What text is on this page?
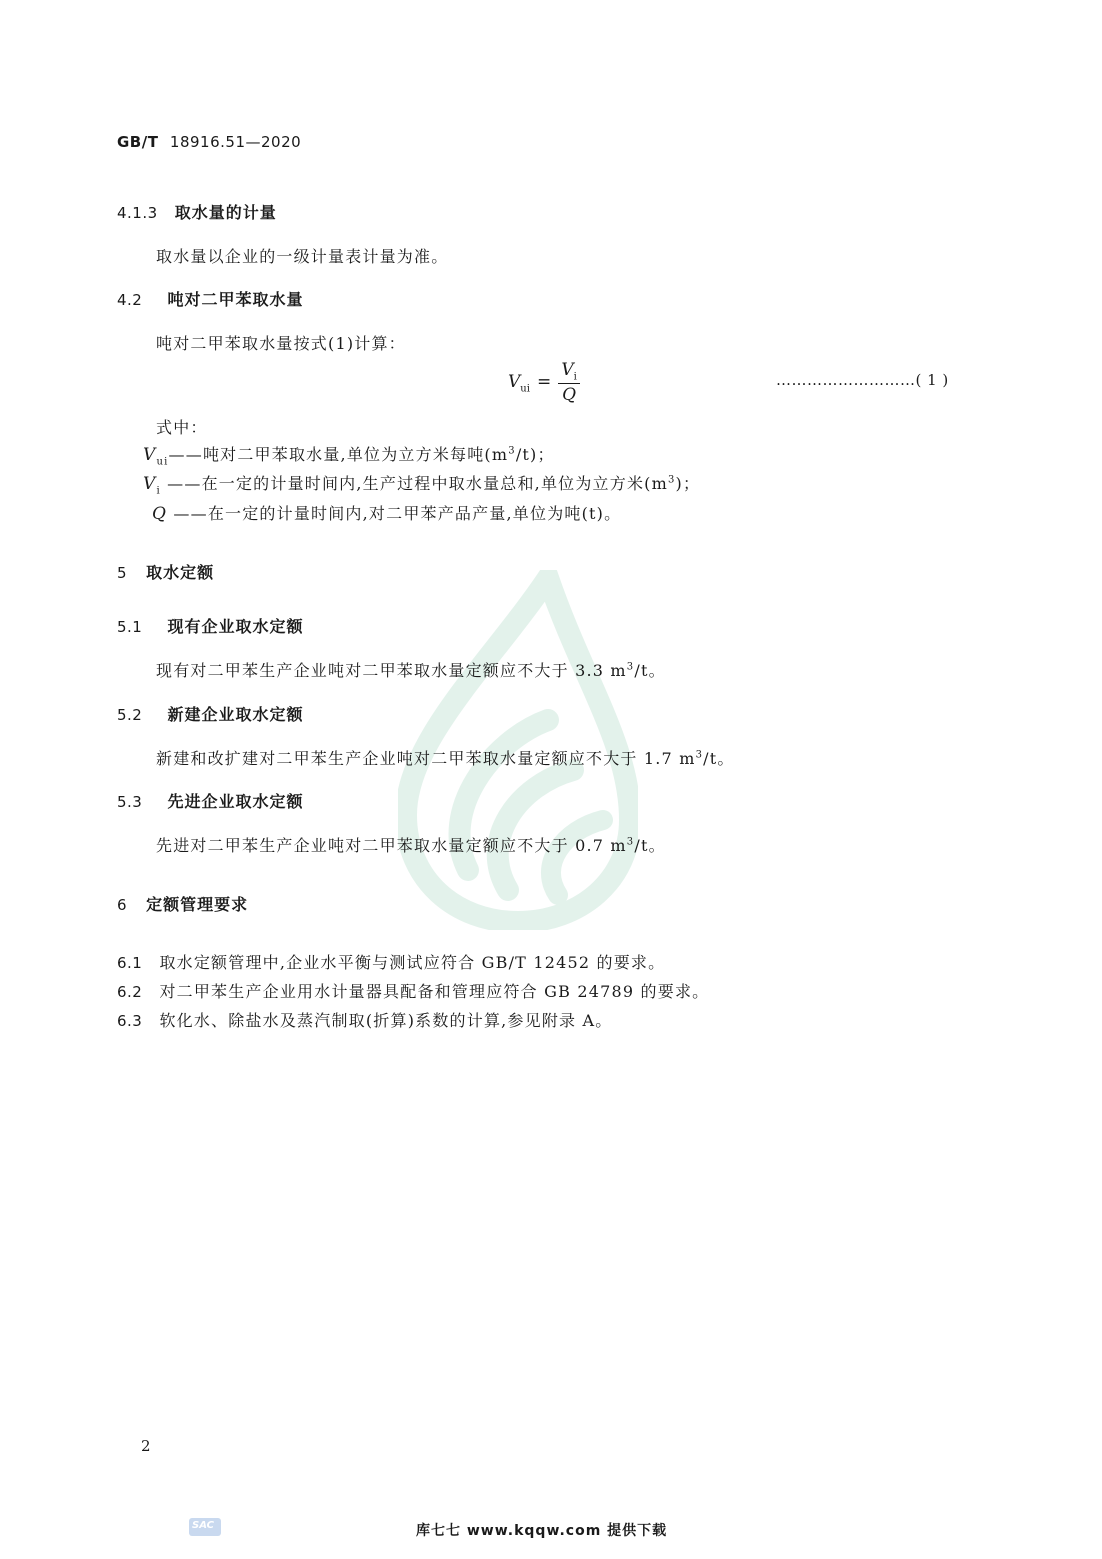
GB/T 18916.51—2020
4.1.3 取水量的计量
取水量以企业的一级计量表计量为准。
4.2 吨对二甲苯取水量
吨对二甲苯取水量按式(1)计算：
$V_{ui} = \frac{V_i}{Q}$	………………………( 1 )
式中：
$V_{ui}——$吨对二甲苯取水量,单位为立方米每吨$(m^3/t)$；
$V_i$ ——在一定的计量时间内,生产过程中取水量总和,单位为立方米$(m^3)$；
Q ——在一定的计量时间内,对二甲苯产品产量,单位为吨(t)。
5 取水定额
5.1 现有企业取水定额
现有对二甲苯生产企业吨对二甲苯取水量定额应不大于 3.3 $m^3/t$。
5.2 新建企业取水定额
新建和改扩建对二甲苯生产企业吨对二甲苯取水量定额应不大于 1.7 $m^3/t$。
5.3 先进企业取水定额
先进对二甲苯生产企业吨对二甲苯取水量定额应不大于 0.7 $m^3/t$。
6 定额管理要求
6.1 取水定额管理中,企业水平衡与测试应符合 GB/T 12452 的要求。
6.2 对二甲苯生产企业用水计量器具配备和管理应符合 GB 24789 的要求。
6.3 软化水、除盐水及蒸汽制取(折算)系数的计算,参见附录 A。
2
SAC	库七七 www.kqqw.com 提供下载
